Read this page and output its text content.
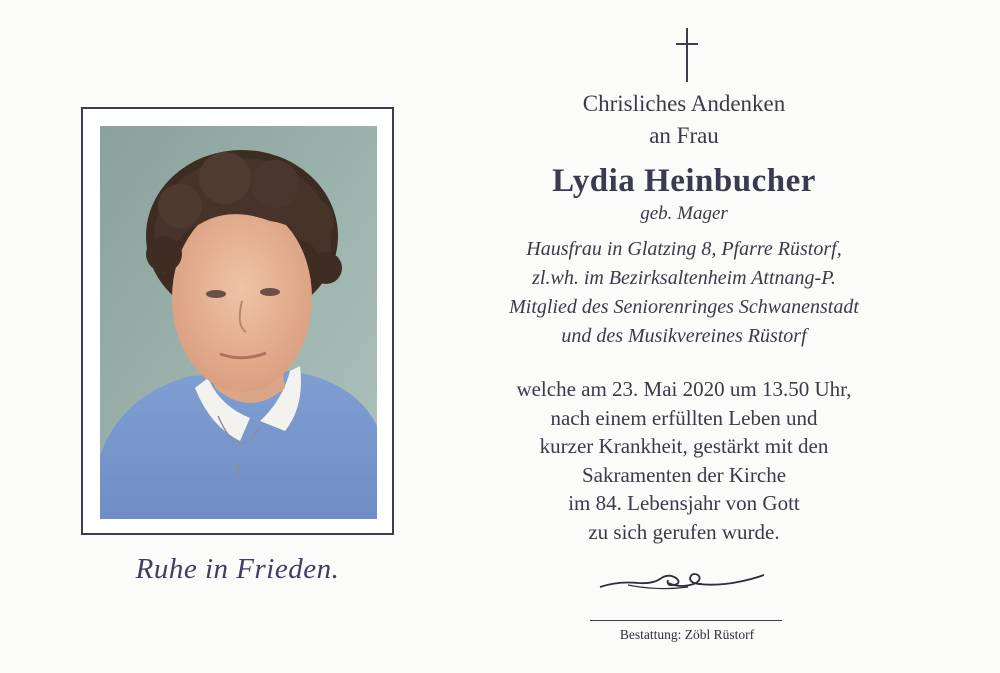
Ruhe in Frieden.
Chrisliches Andenken
an Frau
Lydia Heinbucher
geb. Mager
Hausfrau in Glatzing 8, Pfarre Rüstorf,
zl.wh. im Bezirksaltenheim Attnang-P.
Mitglied des Seniorenringes Schwanenstadt
und des Musikvereines Rüstorf
welche am 23. Mai 2020 um 13.50 Uhr,
nach einem erfüllten Leben und
kurzer Krankheit, gestärkt mit den
Sakramenten der Kirche
im 84. Lebensjahr von Gott
zu sich gerufen wurde.
Bestattung: Zöbl Rüstorf
